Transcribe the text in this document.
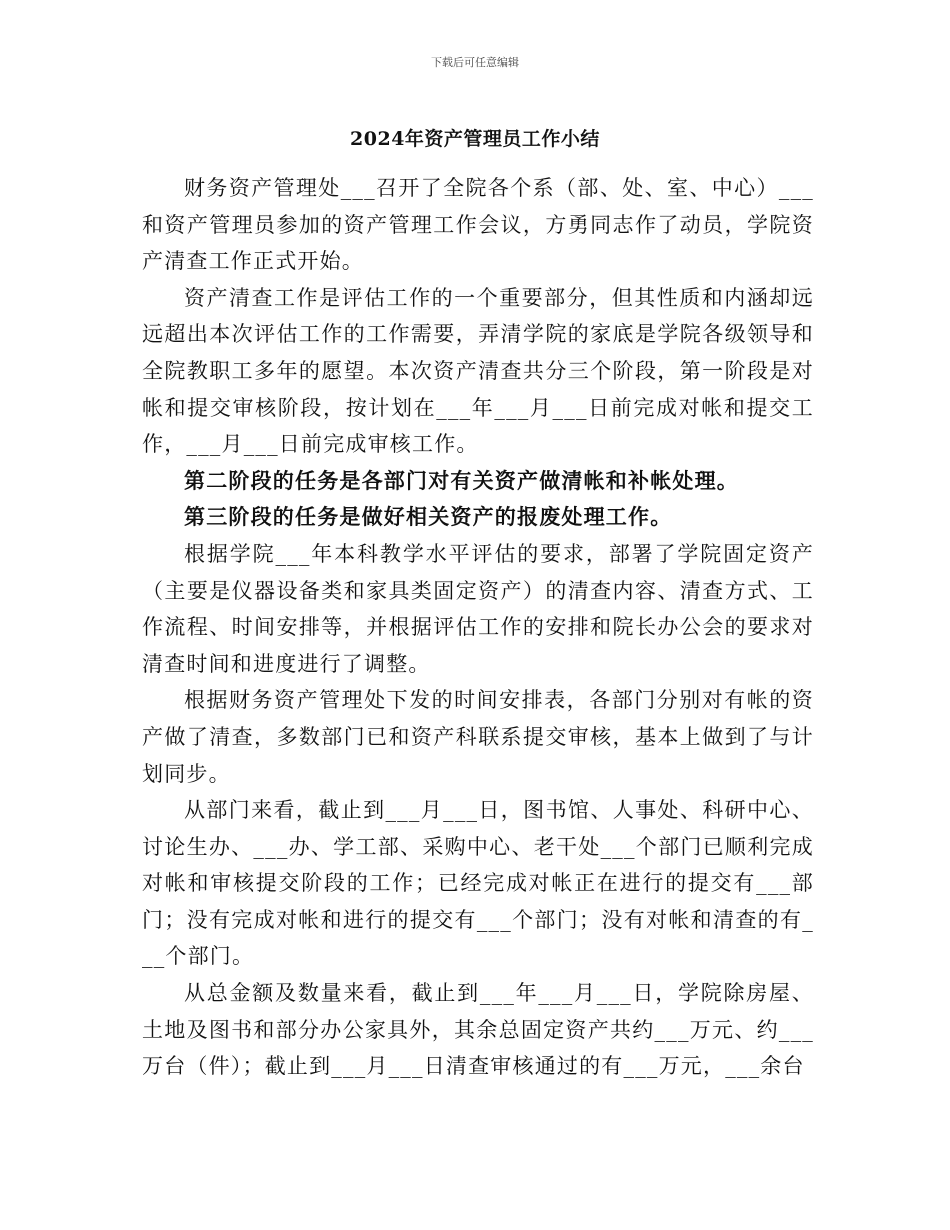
下载后可任意编辑
2024年资产管理员工作小结

财务资产管理处___召开了全院各个系（部、处、室、中心）___和资产管理员参加的资产管理工作会议，方勇同志作了动员，学院资产清查工作正式开始。

资产清查工作是评估工作的一个重要部分，但其性质和内涵却远远超出本次评估工作的工作需要，弄清学院的家底是学院各级领导和全院教职工多年的愿望。本次资产清查共分三个阶段，第一阶段是对帐和提交审核阶段，按计划在___年___月___日前完成对帐和提交工作，___月___日前完成审核工作。

第二阶段的任务是各部门对有关资产做清帐和补帐处理。

第三阶段的任务是做好相关资产的报废处理工作。

根据学院___年本科教学水平评估的要求，部署了学院固定资产（主要是仪器设备类和家具类固定资产）的清查内容、清查方式、工作流程、时间安排等，并根据评估工作的安排和院长办公会的要求对清查时间和进度进行了调整。

根据财务资产管理处下发的时间安排表，各部门分别对有帐的资产做了清查，多数部门已和资产科联系提交审核，基本上做到了与计划同步。

从部门来看，截止到___月___日，图书馆、人事处、科研中心、讨论生办、___办、学工部、采购中心、老干处___个部门已顺利完成对帐和审核提交阶段的工作；已经完成对帐正在进行的提交有___部门；没有完成对帐和进行的提交有___个部门；没有对帐和清查的有___个部门。

从总金额及数量来看，截止到___年___月___日，学院除房屋、土地及图书和部分办公家具外，其余总固定资产共约___万元、约___万台（件）；截止到___月___日清查审核通过的有___万元，___余台
